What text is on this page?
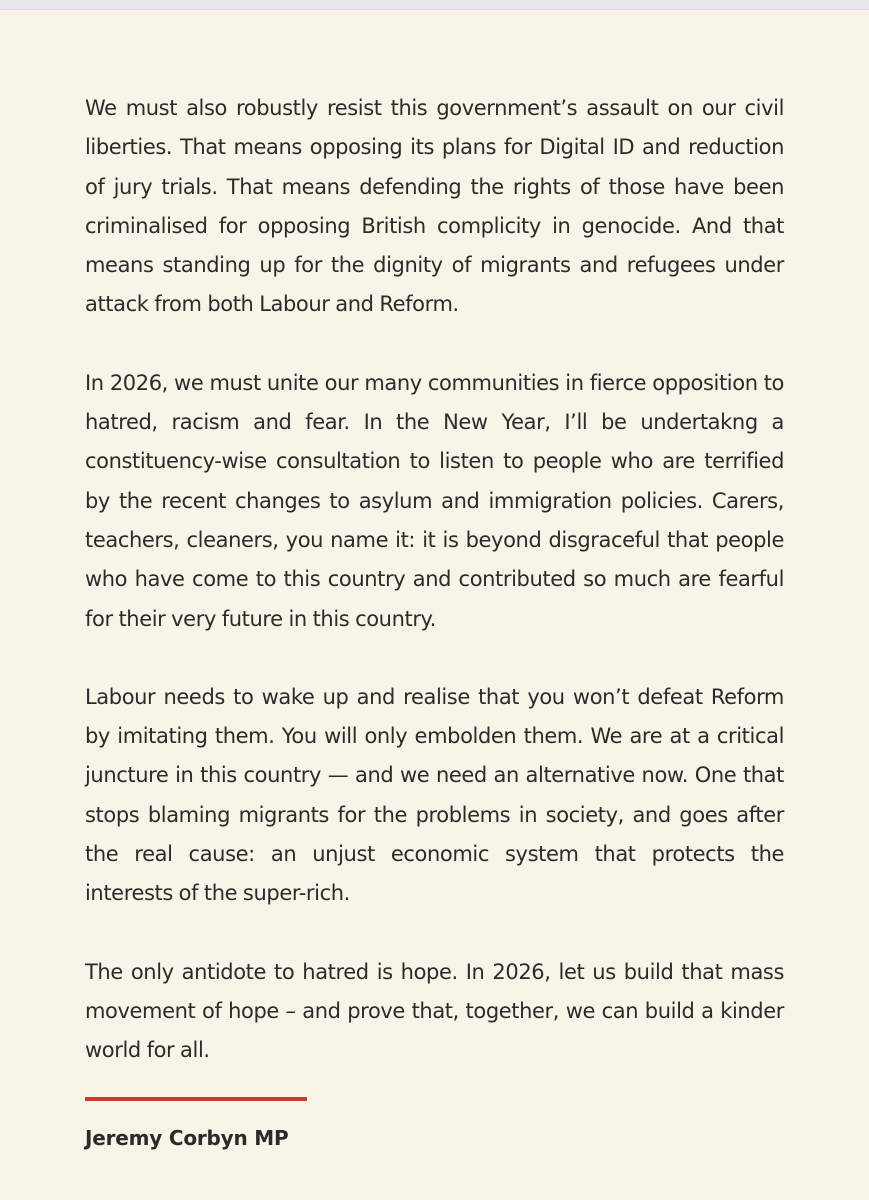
We must also robustly resist this government’s assault on our civil liberties. That means opposing its plans for Digital ID and reduction of jury trials. That means defending the rights of those have been criminalised for opposing British complicity in genocide. And that means standing up for the dignity of migrants and refugees under attack from both Labour and Reform.

In 2026, we must unite our many communities in fierce opposition to hatred, racism and fear. In the New Year, I’ll be undertakng a constituency-wise consultation to listen to people who are terrified by the recent changes to asylum and immigration policies. Carers, teachers, cleaners, you name it: it is beyond disgraceful that people who have come to this country and contributed so much are fearful for their very future in this country.

Labour needs to wake up and realise that you won’t defeat Reform by imitating them. You will only embolden them. We are at a critical juncture in this country — and we need an alternative now. One that stops blaming migrants for the problems in society, and goes after the real cause: an unjust economic system that protects the interests of the super-rich.

The only antidote to hatred is hope. In 2026, let us build that mass movement of hope – and prove that, together, we can build a kinder world for all.

Jeremy Corbyn MP
